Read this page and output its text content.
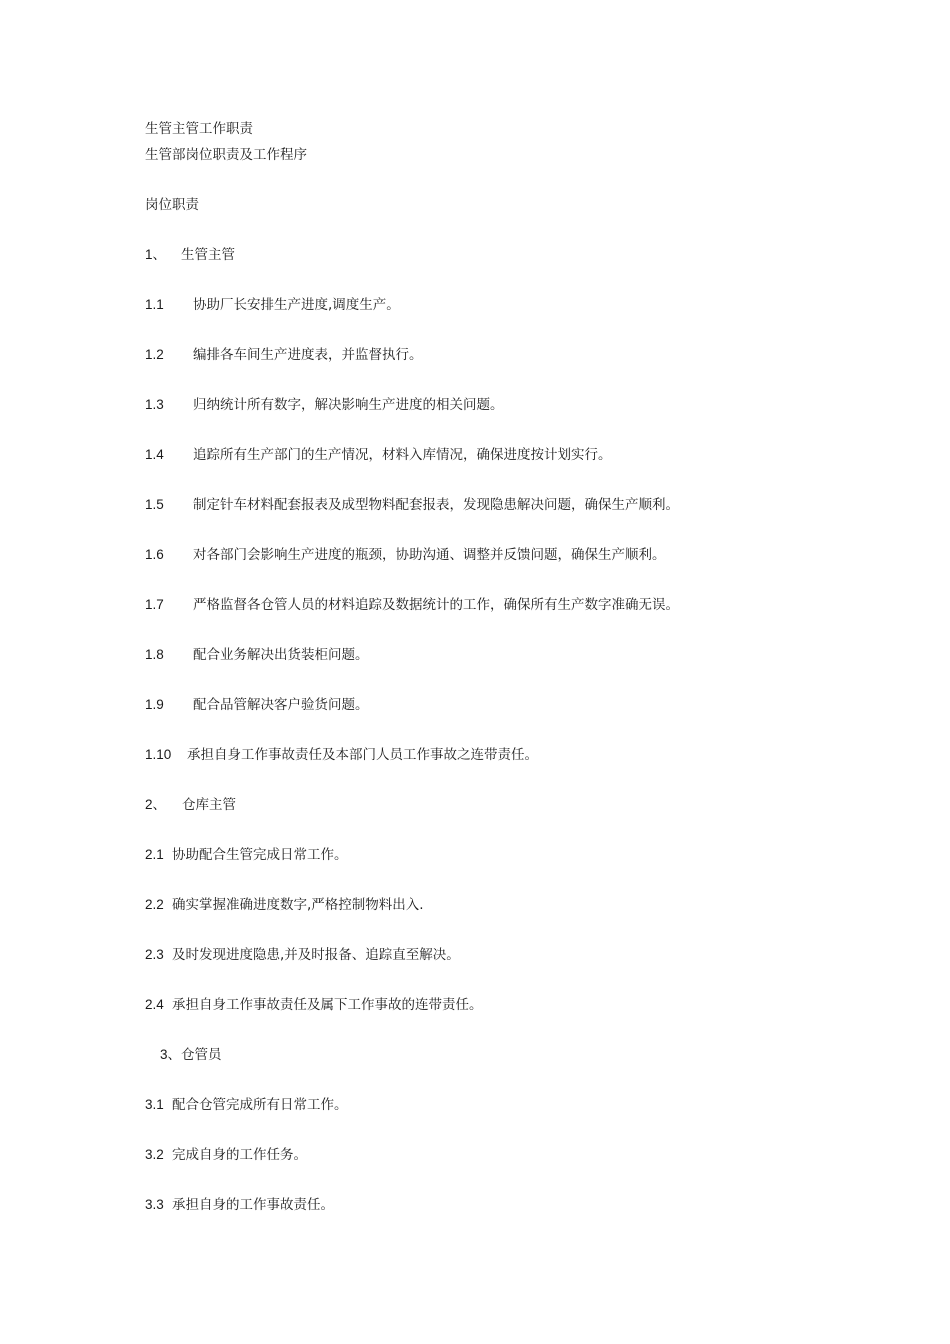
生管主管工作职责
生管部岗位职责及工作程序
岗位职责
1、 生管主管
1.1 协助厂长安排生产进度,调度生产。
1.2 编排各车间生产进度表，并监督执行。
1.3 归纳统计所有数字，解决影响生产进度的相关问题。
1.4 追踪所有生产部门的生产情况，材料入库情况，确保进度按计划实行。
1.5 制定针车材料配套报表及成型物料配套报表，发现隐患解决问题，确保生产顺利。
1.6 对各部门会影响生产进度的瓶颈，协助沟通、调整并反馈问题，确保生产顺利。
1.7 严格监督各仓管人员的材料追踪及数据统计的工作，确保所有生产数字准确无误。
1.8 配合业务解决出货装柜问题。
1.9 配合品管解决客户验货问题。
1.10 承担自身工作事故责任及本部门人员工作事故之连带责任。
2、 仓库主管
2.1 协助配合生管完成日常工作。
2.2 确实掌握准确进度数字,严格控制物料出入.
2.3 及时发现进度隐患,并及时报备、追踪直至解决。
2.4 承担自身工作事故责任及属下工作事故的连带责任。
3、仓管员
3.1 配合仓管完成所有日常工作。
3.2 完成自身的工作任务。
3.3 承担自身的工作事故责任。
